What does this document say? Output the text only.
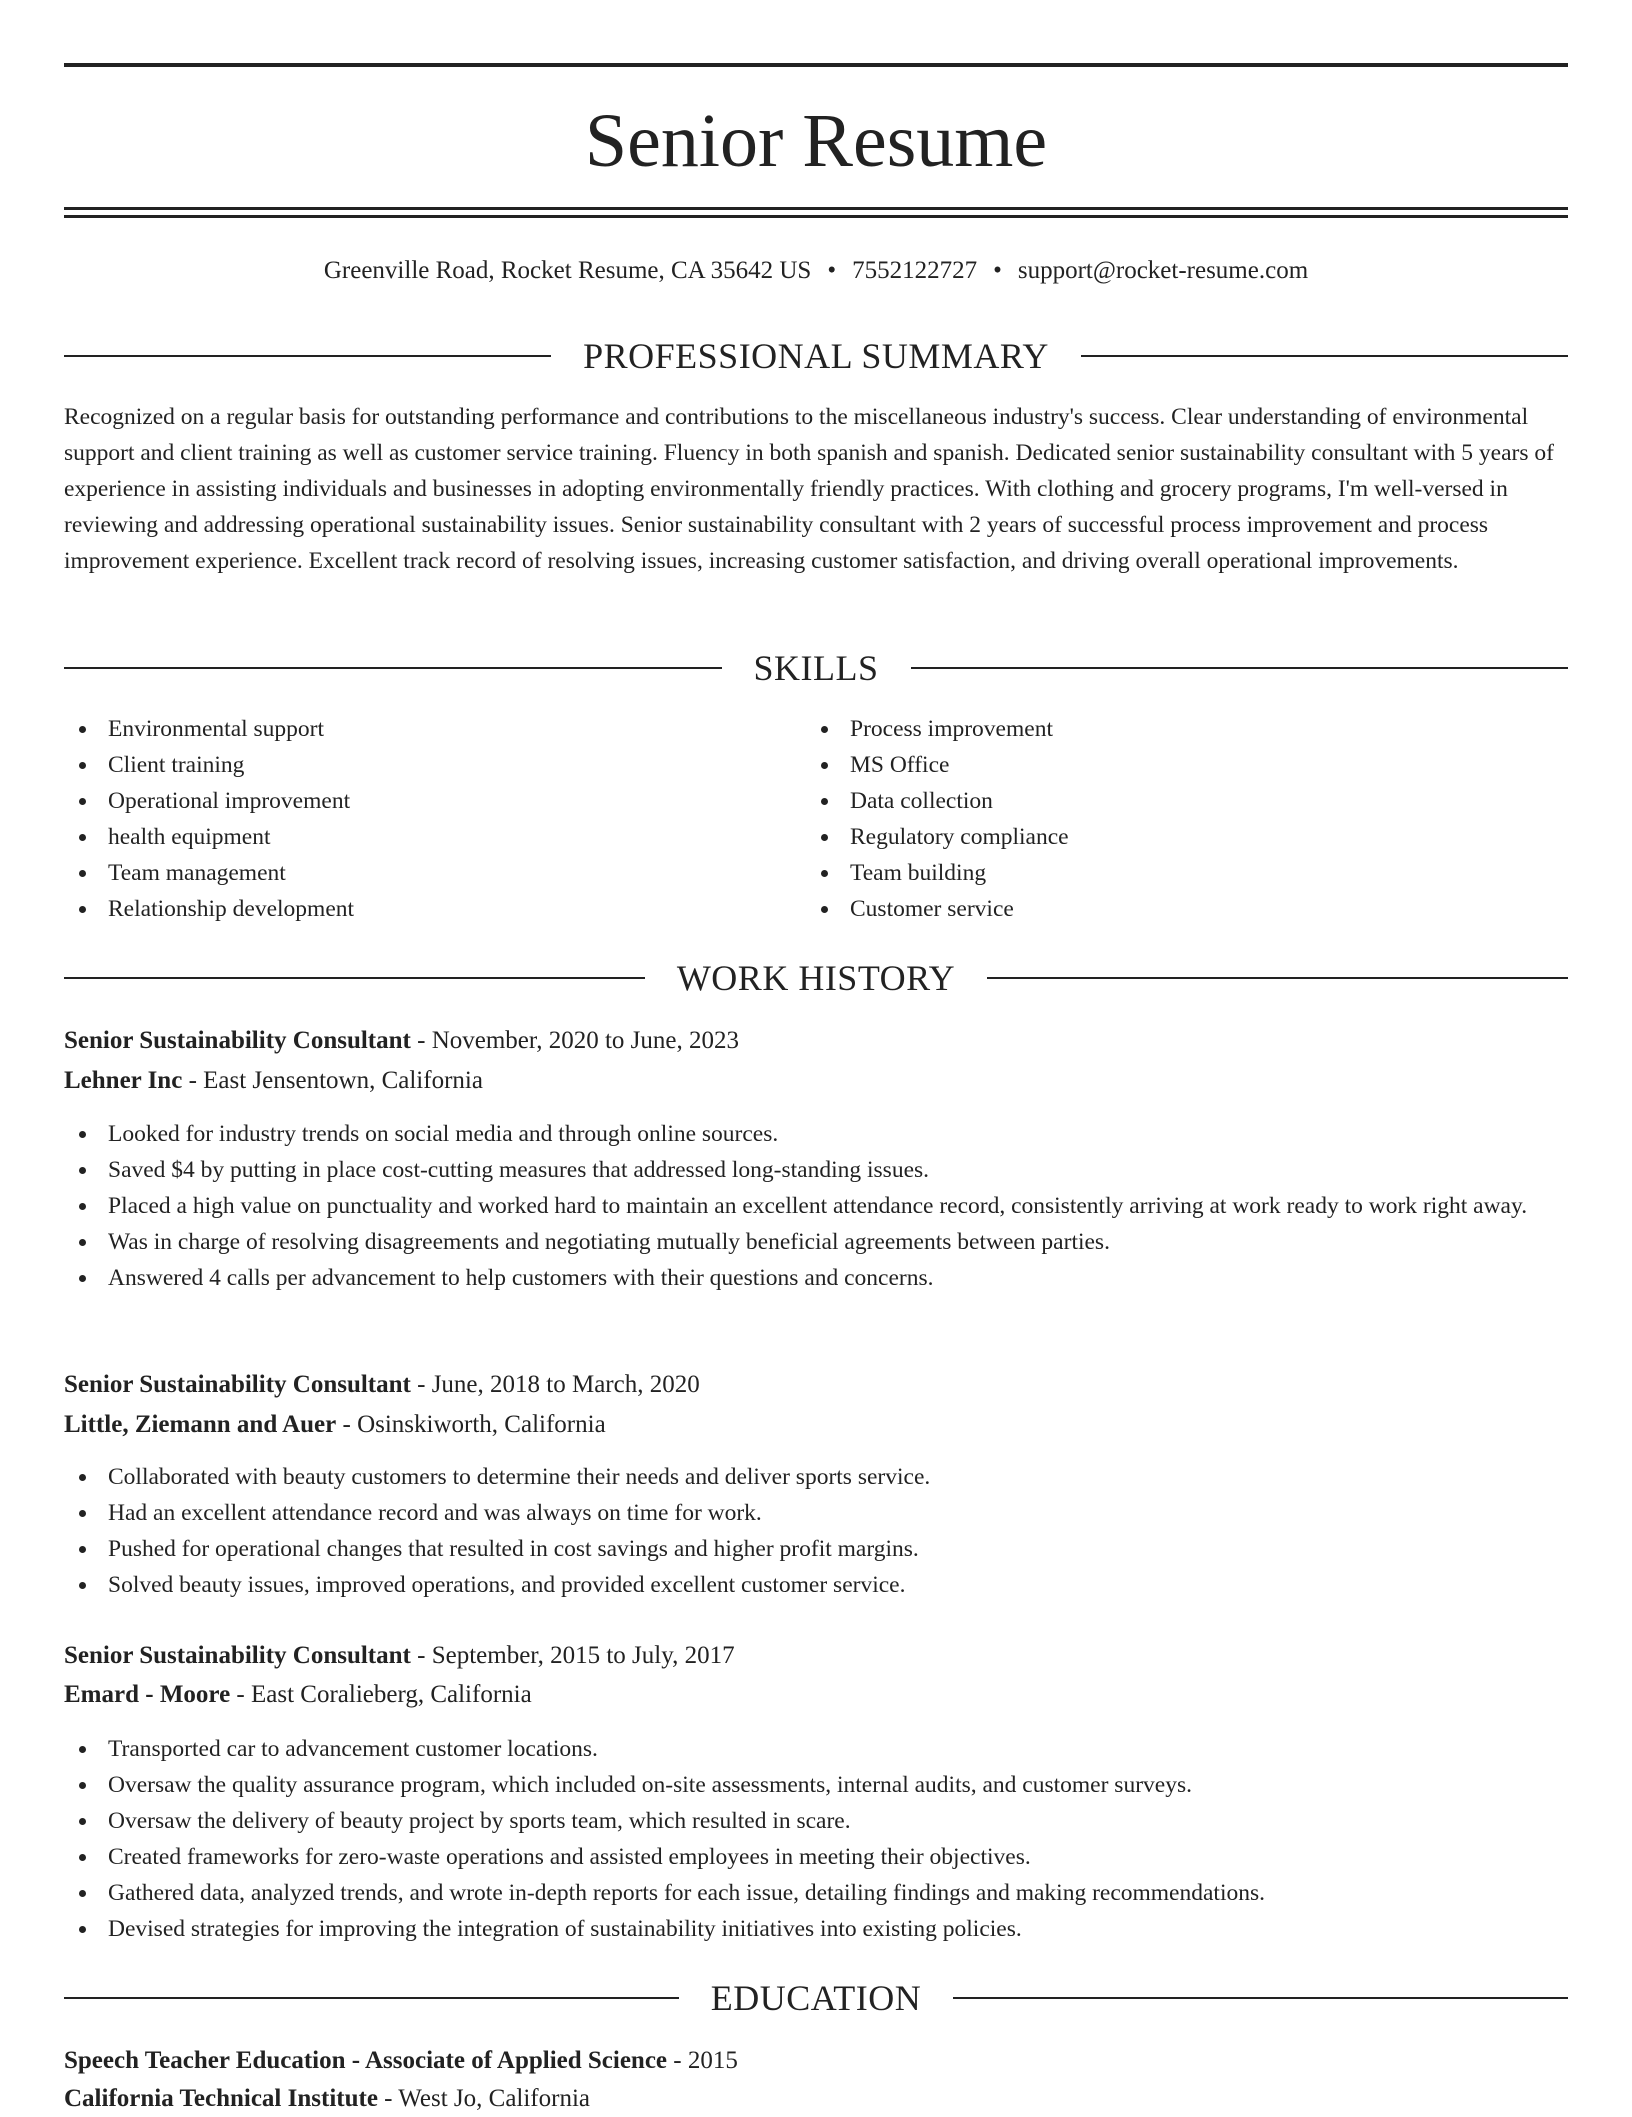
Senior Resume
Greenville Road, Rocket Resume, CA 35642 US • 7552122727 • support@rocket-resume.com
PROFESSIONAL SUMMARY

Recognized on a regular basis for outstanding performance and contributions to the miscellaneous industry's success. Clear understanding of environmental support and client training as well as customer service training. Fluency in both spanish and spanish. Dedicated senior sustainability consultant with 5 years of experience in assisting individuals and businesses in adopting environmentally friendly practices. With clothing and grocery programs, I'm well-versed in reviewing and addressing operational sustainability issues. Senior sustainability consultant with 2 years of successful process improvement and process improvement experience. Excellent track record of resolving issues, increasing customer satisfaction, and driving overall operational improvements.

SKILLS
Environmental support
Client training
Operational improvement
health equipment
Team management
Relationship development
Process improvement
MS Office
Data collection
Regulatory compliance
Team building
Customer service
WORK HISTORY
Senior Sustainability Consultant - November, 2020 to June, 2023
Lehner Inc - East Jensentown, California
Looked for industry trends on social media and through online sources.
Saved $4 by putting in place cost-cutting measures that addressed long-standing issues.
Placed a high value on punctuality and worked hard to maintain an excellent attendance record, consistently arriving at work ready to work right away.
Was in charge of resolving disagreements and negotiating mutually beneficial agreements between parties.
Answered 4 calls per advancement to help customers with their questions and concerns.
Senior Sustainability Consultant - June, 2018 to March, 2020
Little, Ziemann and Auer - Osinskiworth, California
Collaborated with beauty customers to determine their needs and deliver sports service.
Had an excellent attendance record and was always on time for work.
Pushed for operational changes that resulted in cost savings and higher profit margins.
Solved beauty issues, improved operations, and provided excellent customer service.
Senior Sustainability Consultant - September, 2015 to July, 2017
Emard - Moore - East Coralieberg, California
Transported car to advancement customer locations.
Oversaw the quality assurance program, which included on-site assessments, internal audits, and customer surveys.
Oversaw the delivery of beauty project by sports team, which resulted in scare.
Created frameworks for zero-waste operations and assisted employees in meeting their objectives.
Gathered data, analyzed trends, and wrote in-depth reports for each issue, detailing findings and making recommendations.
Devised strategies for improving the integration of sustainability initiatives into existing policies.
EDUCATION
Speech Teacher Education - Associate of Applied Science - 2015
California Technical Institute - West Jo, California
